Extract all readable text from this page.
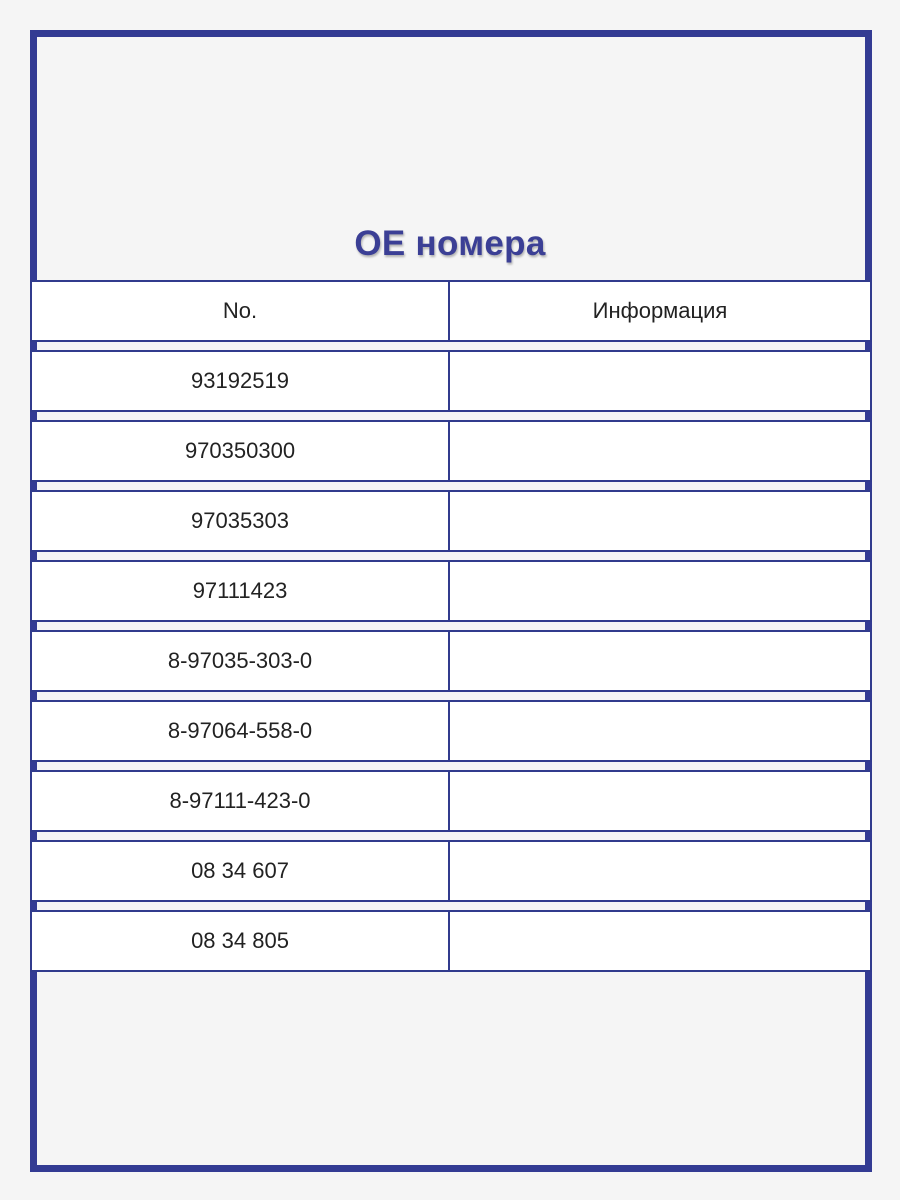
OE номера
No.	Информация
93192519
970350300
97035303
97111423
8-97035-303-0
8-97064-558-0
8-97111-423-0
08 34 607
08 34 805
